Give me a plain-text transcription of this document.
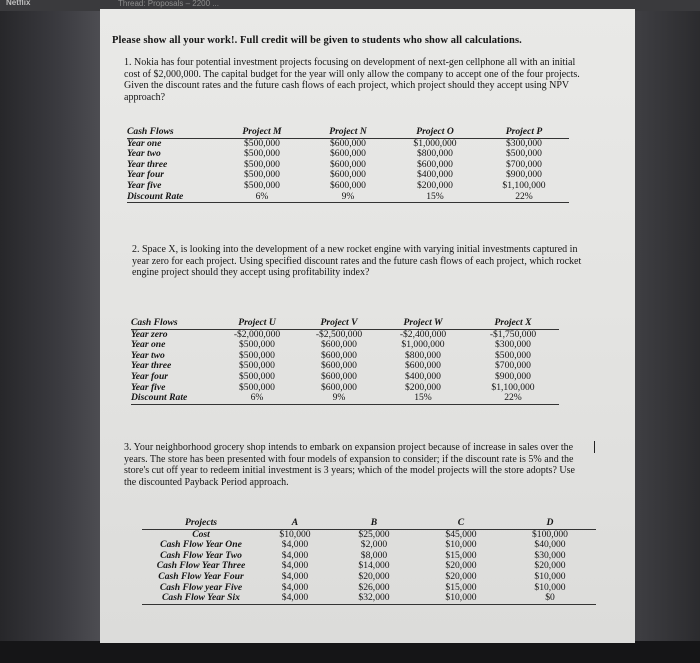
Netflix	Thread: Proposals – 2200 ...
Please show all your work!. Full credit will be given to students who show all calculations.
1. Nokia has four potential investment projects focusing on development of next-gen cellphone all with an initial cost of $2,000,000. The capital budget for the year will only allow the company to accept one of the four projects. Given the discount rates and the future cash flows of each project, which project should they accept using NPV approach?
Cash Flows	Project M	Project N	Project O	Project P
Year one	$500,000	$600,000	$1,000,000	$300,000
Year two	$500,000	$600,000	$800,000	$500,000
Year three	$500,000	$600,000	$600,000	$700,000
Year four	$500,000	$600,000	$400,000	$900,000
Year five	$500,000	$600,000	$200,000	$1,100,000
Discount Rate	6%	9%	15%	22%
2. Space X, is looking into the development of a new rocket engine with varying initial investments captured in year zero for each project. Using specified discount rates and the future cash flows of each project, which rocket engine project should they accept using profitability index?
Cash Flows	Project U	Project V	Project W	Project X
Year zero	-$2,000,000	-$2,500,000	-$2,400,000	-$1,750,000
Year one	$500,000	$600,000	$1,000,000	$300,000
Year two	$500,000	$600,000	$800,000	$500,000
Year three	$500,000	$600,000	$600,000	$700,000
Year four	$500,000	$600,000	$400,000	$900,000
Year five	$500,000	$600,000	$200,000	$1,100,000
Discount Rate	6%	9%	15%	22%
3. Your neighborhood grocery shop intends to embark on expansion project because of increase in sales over the years. The store has been presented with four models of expansion to consider; if the discount rate is 5% and the store's cut off year to redeem initial investment is 3 years; which of the model projects will the store adopts? Use the discounted Payback Period approach.
Projects	A	B	C	D
Cost	$10,000	$25,000	$45,000	$100,000
Cash Flow Year One	$4,000	$2,000	$10,000	$40,000
Cash Flow Year Two	$4,000	$8,000	$15,000	$30,000
Cash Flow Year Three	$4,000	$14,000	$20,000	$20,000
Cash Flow Year Four	$4,000	$20,000	$20,000	$10,000
Cash Flow year Five	$4,000	$26,000	$15,000	$10,000
Cash Flow Year Six	$4,000	$32,000	$10,000	$0
